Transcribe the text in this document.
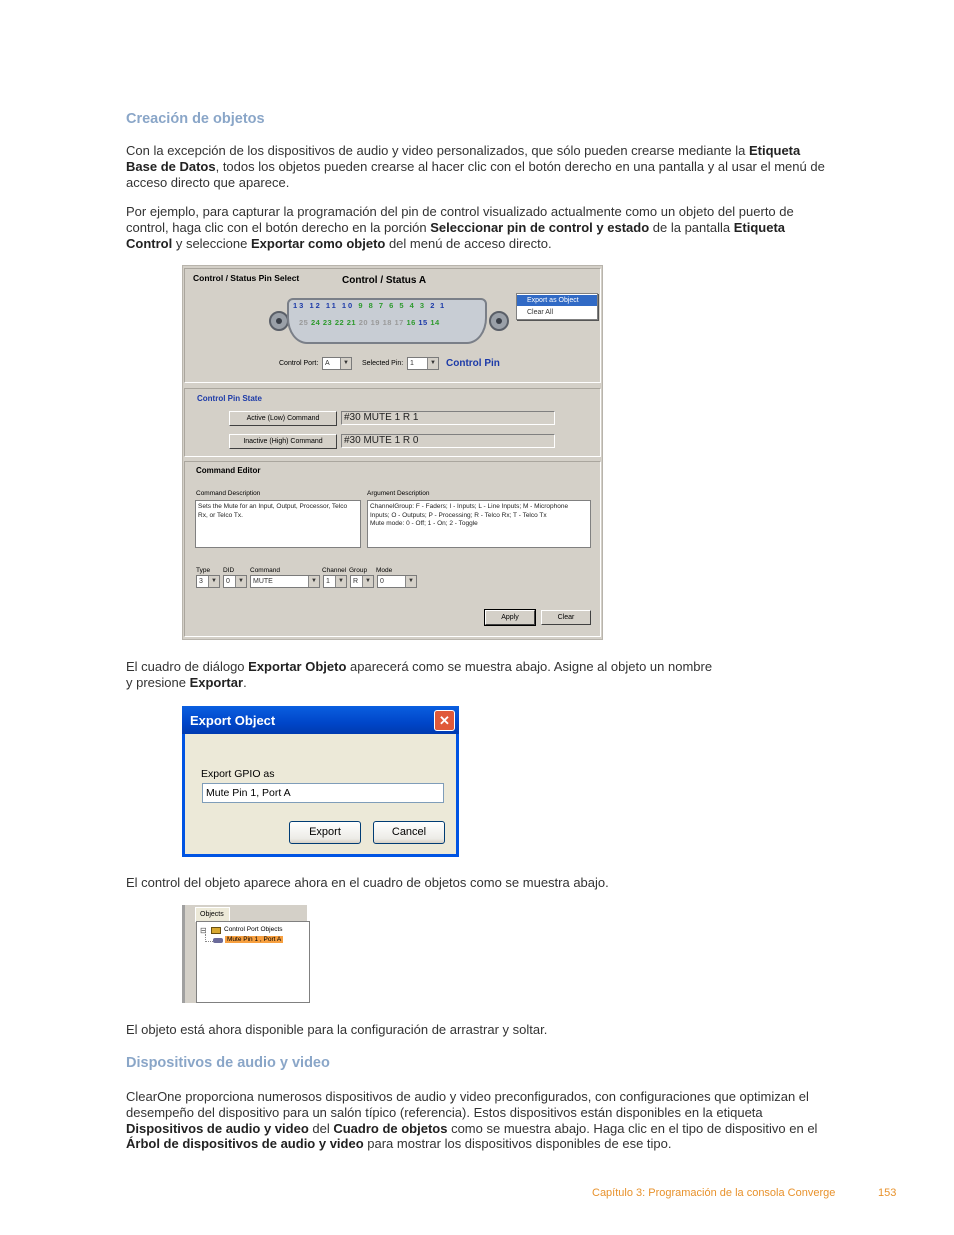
Creación de objetos
Con la excepción de los dispositivos de audio y video personalizados, que sólo pueden crearse mediante la Etiqueta Base de Datos, todos los objetos pueden crearse al hacer clic con el botón derecho en una pantalla y al usar el menú de acceso directo que aparece.
Por ejemplo, para capturar la programación del pin de control visualizado actualmente como un objeto del puerto de control, haga clic con el botón derecho en la porción Seleccionar pin de control y estado de la pantalla Etiqueta Control y seleccione Exportar como objeto del menú de acceso directo.
Control / Status Pin Select	Control / Status A
13 12 11 10 9 8 7 6 5 4 3 2 1
25 24 23 22 21 20 19 18 17 16 15 14
Export as Object
Clear All
Control Port: A	▼ Selected Pin: 1	▼ Control Pin
Control Pin State
Active (Low) Command	#30 MUTE 1 R 1
Inactive (High) Command	#30 MUTE 1 R 0
Command Editor
Command Description
Sets the Mute for an Input, Output, Processor, Telco Rx, or Telco Tx.
Argument Description
ChannelGroup: F - Faders; I - Inputs; L - Line Inputs; M - Microphone Inputs; O - Outputs; P - Processing; R - Telco Rx; T - Telco Tx
Mute mode: 0 - Off; 1 - On; 2 - Toggle
Type DID Command	Channel Group Mode
3	▼	0	▼	MUTE	▼	1	▼	R	▼	0	▼
Apply	Clear
El cuadro de diálogo Exportar Objeto aparecerá como se muestra abajo. Asigne al objeto un nombre
y presione Exportar.
Export Object	✕
Export GPIO as
Mute Pin 1, Port A
Export	Cancel
El control del objeto aparece ahora en el cuadro de objetos como se muestra abajo.
Objects
⊟	Control Port Objects
Mute Pin 1 , Port A
El objeto está ahora disponible para la configuración de arrastrar y soltar.
Dispositivos de audio y video
ClearOne proporciona numerosos dispositivos de audio y video preconfigurados, con configuraciones que optimizan el desempeño del dispositivo para un salón típico (referencia). Estos dispositivos están disponibles en la etiqueta Dispositivos de audio y video del Cuadro de objetos como se muestra abajo. Haga clic en el tipo de dispositivo en el Árbol de dispositivos de audio y video para mostrar los dispositivos disponibles de ese tipo.
Capítulo 3: Programación de la consola Converge	153
